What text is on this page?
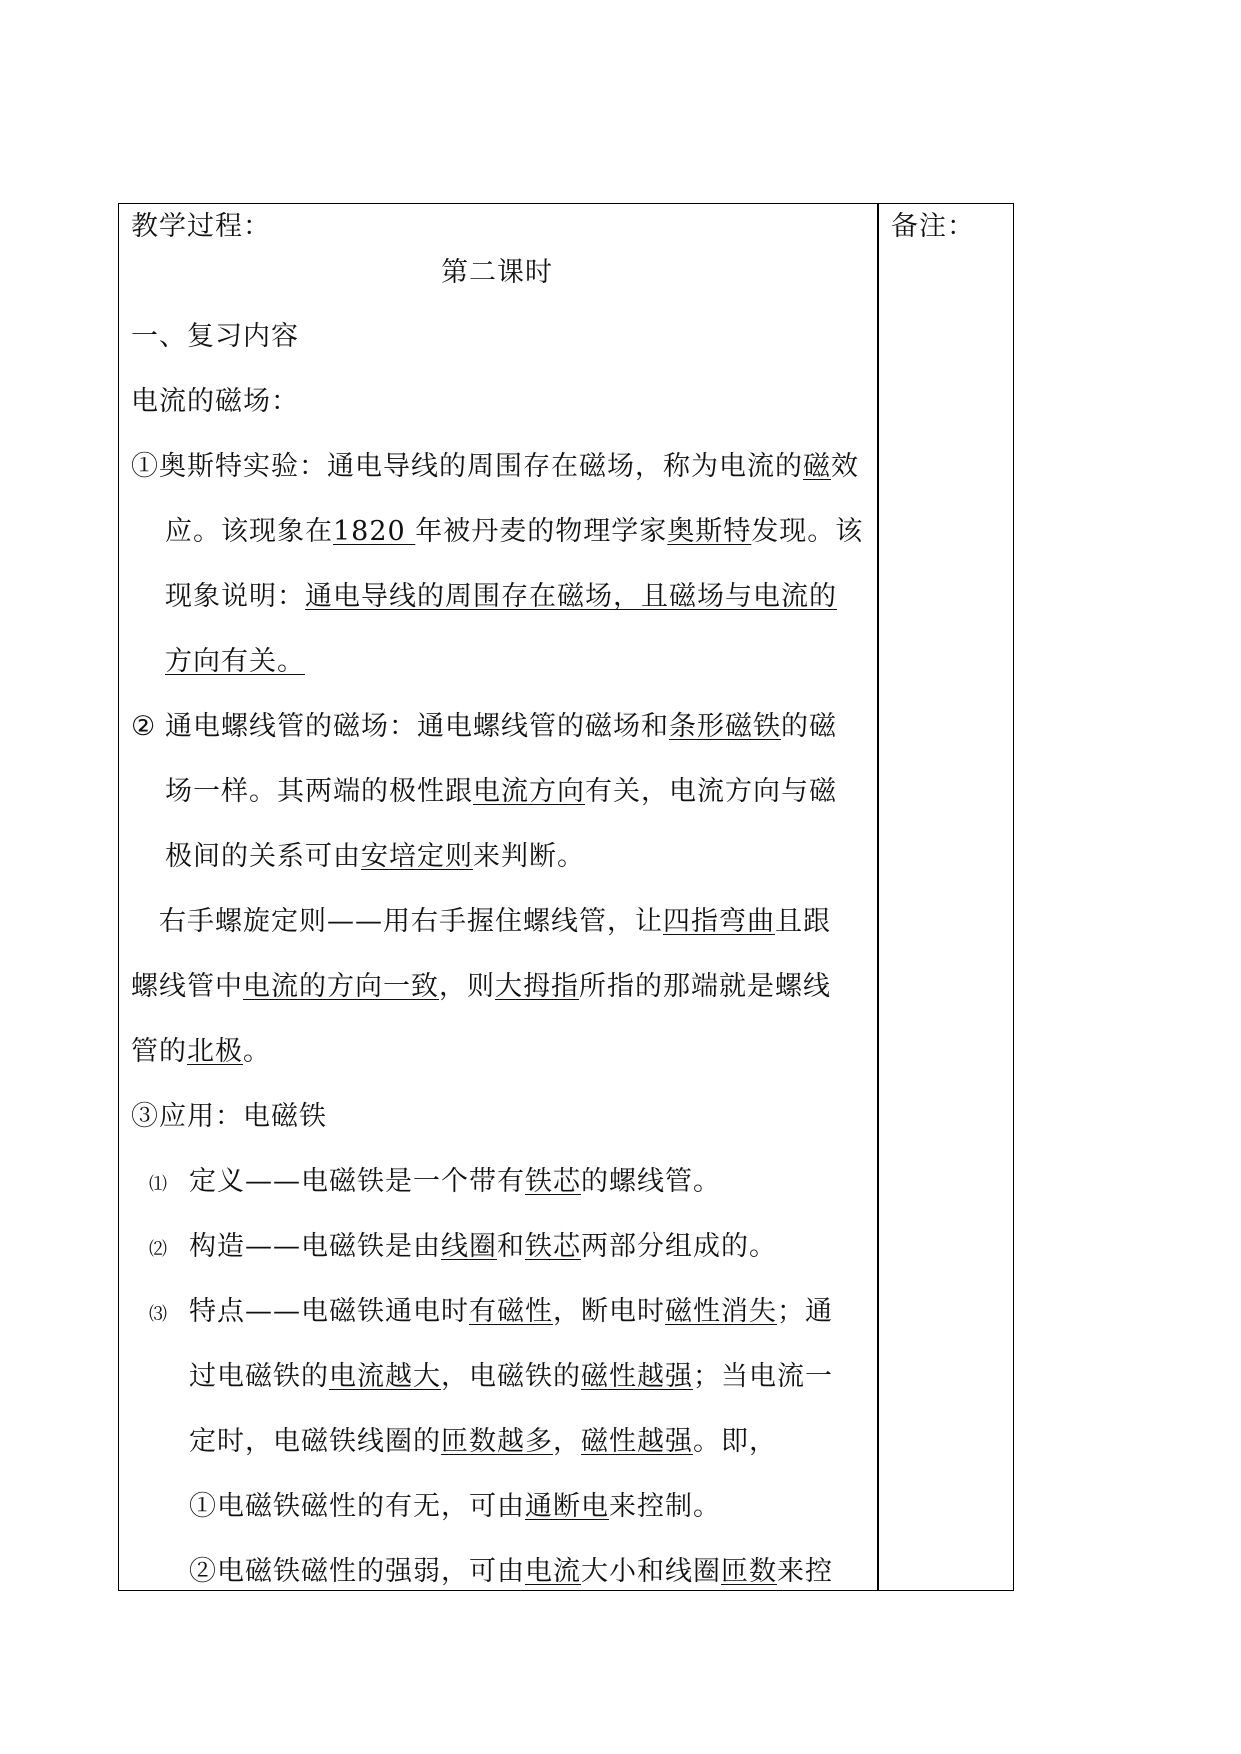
教学过程：
第二课时
一、复习内容
电流的磁场：
①奥斯特实验：通电导线的周围存在磁场，称为电流的磁效
应。该现象在1820 年被丹麦的物理学家奥斯特发现。该
现象说明：通电导线的周围存在磁场，且磁场与电流的
方向有关。
② 通电螺线管的磁场：通电螺线管的磁场和条形磁铁的磁
场一样。其两端的极性跟电流方向有关，电流方向与磁
极间的关系可由安培定则来判断。
右手螺旋定则——用右手握住螺线管，让四指弯曲且跟
螺线管中电流的方向一致，则大拇指所指的那端就是螺线
管的北极。
③应用：电磁铁
⑴ 定义——电磁铁是一个带有铁芯的螺线管。
⑵ 构造——电磁铁是由线圈和铁芯两部分组成的。
⑶ 特点——电磁铁通电时有磁性，断电时磁性消失；通
过电磁铁的电流越大，电磁铁的磁性越强；当电流一
定时，电磁铁线圈的匝数越多，磁性越强。即，
①电磁铁磁性的有无，可由通断电来控制。
②电磁铁磁性的强弱，可由电流大小和线圈匝数来控
备注：
